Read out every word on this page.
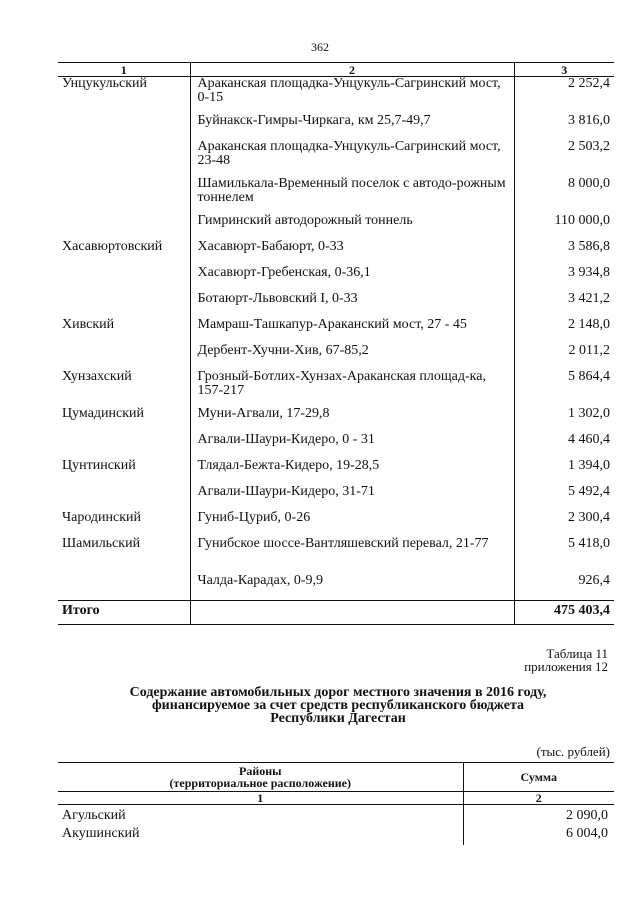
362
1	2	3
Унцукульский	Араканская площадка-Унцукуль-Сагринский мост, 0-15	2 252,4
	Буйнакск-Гимры-Чиркага, км 25,7-49,7	3 816,0
	Араканская площадка-Унцукуль-Сагринский мост, 23-48	2 503,2
	Шамилькала-Временный поселок с автодо-рожным тоннелем	8 000,0
	Гимринский автодорожный тоннель	110 000,0
Хасавюртовский	Хасавюрт-Бабаюрт, 0-33	3 586,8
	Хасавюрт-Гребенская, 0-36,1	3 934,8
	Ботаюрт-Львовский I, 0-33	3 421,2
Хивский	Мамраш-Ташкапур-Араканский мост, 27 - 45	2 148,0
	Дербент-Хучни-Хив, 67-85,2	2 011,2
Хунзахский	Грозный-Ботлих-Хунзах-Араканская площад-ка, 157-217	5 864,4
Цумадинский	Муни-Агвали, 17-29,8	1 302,0
	Агвали-Шаури-Кидеро, 0 - 31	4 460,4
Цунтинский	Тлядал-Бежта-Кидеро, 19-28,5	1 394,0
	Агвали-Шаури-Кидеро, 31-71	5 492,4
Чародинский	Гуниб-Цуриб, 0-26	2 300,4
Шамильский	Гунибское шоссе-Вантляшевский перевал, 21-77	5 418,0
	Чалда-Карадах, 0-9,9	926,4
Итого		475 403,4
Таблица 11
приложения 12
Содержание автомобильных дорог местного значения в 2016 году,
финансируемое за счет средств республиканского бюджета
Республики Дагестан
(тыс. рублей)
Районы
(территориальное расположение)	Сумма
1	2
Агульский	2 090,0
Акушинский	6 004,0
